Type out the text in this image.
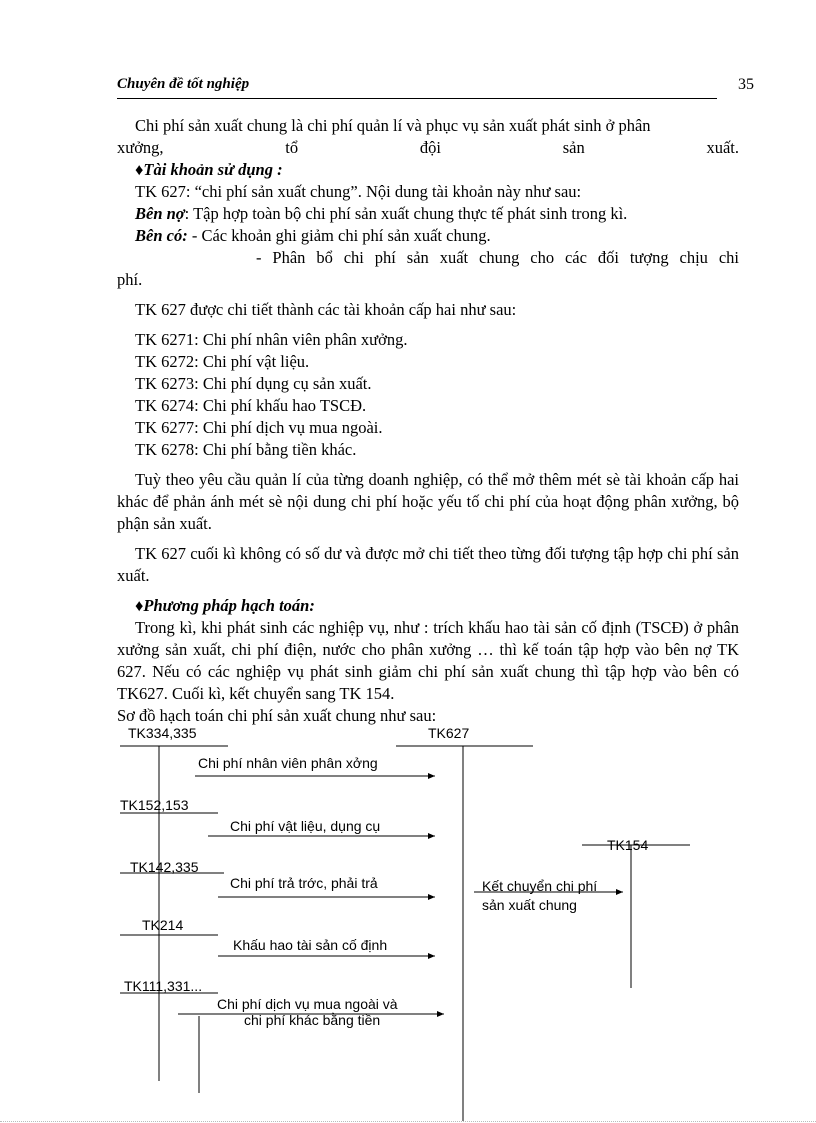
Chuyên đề tốt nghiệp	35

Chi phí sản xuất chung là chi phí quản lí và phục vụ sản xuất phát sinh ở phân

xưởng, tổ đội sản xuất.

♦Tài khoản sử dụng :

TK 627: “chi phí sản xuất chung”. Nội dung tài khoản này như sau:

Bên nợ: Tập hợp toàn bộ chi phí sản xuất chung thực tế phát sinh trong kì.

Bên có: - Các khoản ghi giảm chi phí sản xuất chung.

- Phân bổ chi phí sản xuất chung cho các đối tượng chịu chi

phí.

TK 627 được chi tiết thành các tài khoản cấp hai như sau:

TK 6271: Chi phí nhân viên phân xưởng.

TK 6272: Chi phí vật liệu.

TK 6273: Chi phí dụng cụ sản xuất.

TK 6274: Chi phí khấu hao TSCĐ.

TK 6277: Chi phí dịch vụ mua ngoài.

TK 6278: Chi phí bằng tiền khác.

Tuỳ theo yêu cầu quản lí của từng doanh nghiệp, có thể mở thêm mét sè tài khoản cấp hai khác để phản ánh mét sè nội dung chi phí hoặc yếu tố chi phí của hoạt động phân xưởng, bộ phận sản xuất.

TK 627 cuối kì không có số dư và được mở chi tiết theo từng đối tượng tập hợp chi phí sản xuất.

♦Phương pháp hạch toán:

Trong kì, khi phát sinh các nghiệp vụ, như : trích khấu hao tài sản cố định (TSCĐ) ở phân xưởng sản xuất, chi phí điện, nước cho phân xưởng … thì kế toán tập hợp vào bên nợ TK 627. Nếu có các nghiệp vụ phát sinh giảm chi phí sản xuất chung thì tập hợp vào bên có TK627. Cuối kì, kết chuyển sang TK 154.

Sơ đồ hạch toán chi phí sản xuất chung như sau:

TK334,335	TK627
TK152,153
TK154
TK142,335
TK214
TK111,331...
Chi phí nhân viên phân xởng
Chi phí vật liệu, dụng cụ
Chi phí trả trớc, phải trả
Khấu hao tài sản cố định
Chi phí dịch vụ mua ngoài và
chi phí khác bằng tiền
Kết chuyển chi phí
sản xuất chung
